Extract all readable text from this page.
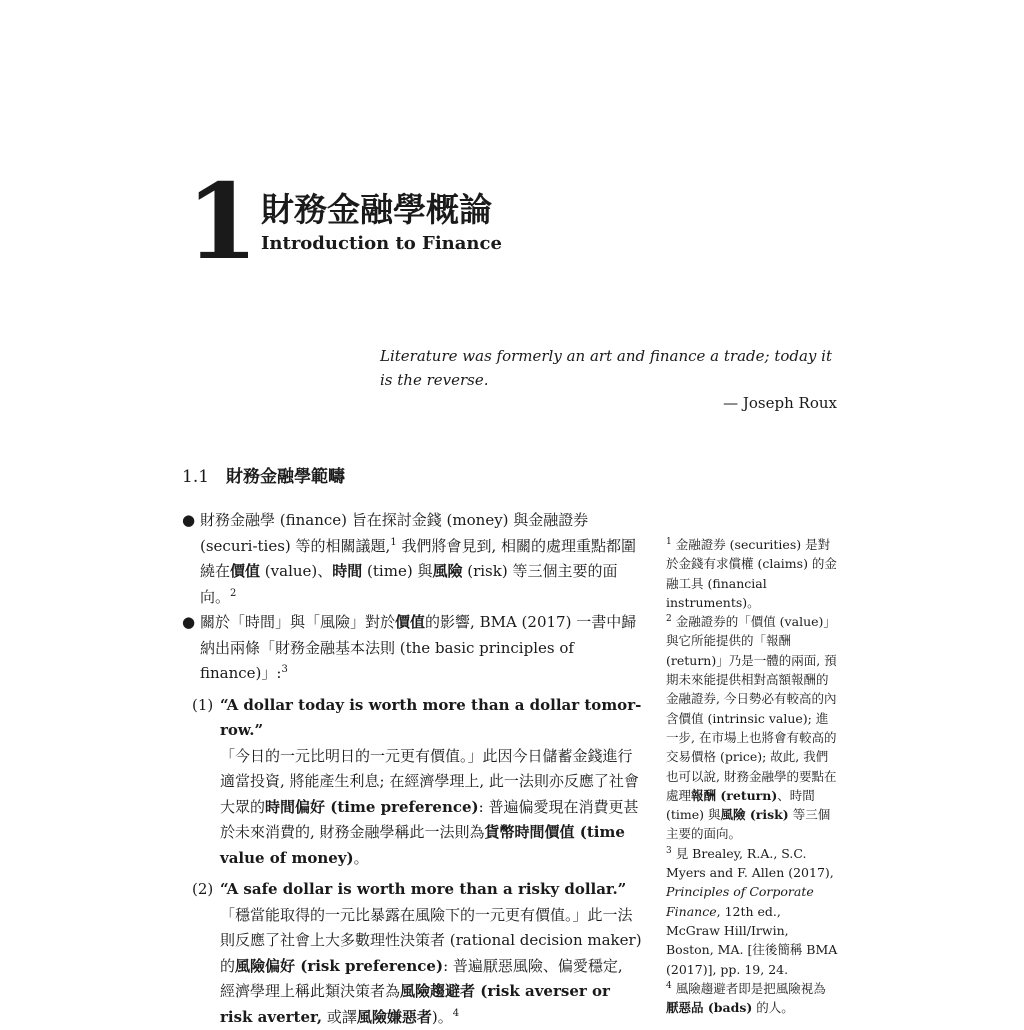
1 財務金融學概論
Introduction to Finance
Literature was formerly an art and finance a trade; today it is the reverse.
— Joseph Roux
1.1 財務金融學範疇
● 財務金融學 (finance) 旨在探討金錢 (money) 與金融證券 (securi-ties) 等的相關議題,$^1$ 我們將會見到, 相關的處理重點都圍繞在價值 (value)、時間 (time) 與風險 (risk) 等三個主要的面向。$^2$
● 關於「時間」與「風險」對於價值的影響, BMA (2017) 一書中歸納出兩條「財務金融基本法則 (the basic principles of finance)」:$^3$
(1) “A dollar today is worth more than a dollar tomor-row.”
「今日的一元比明日的一元更有價值。」此因今日儲蓄金錢進行適當投資, 將能產生利息; 在經濟學理上, 此一法則亦反應了社會大眾的時間偏好 (time preference): 普遍偏愛現在消費更甚於未來消費的, 財務金融學稱此一法則為貨幣時間價值 (time value of money)。
(2) “A safe dollar is worth more than a risky dollar.”
「穩當能取得的一元比暴露在風險下的一元更有價值。」此一法則反應了社會上大多數理性決策者 (rational decision maker) 的風險偏好 (risk preference): 普遍厭惡風險、偏愛穩定, 經濟學理上稱此類決策者為風險趨避者 (risk averser or risk averter, 或譯風險嫌惡者)。$^4$
$^1$ 金融證券 (securities) 是對於金錢有求償權 (claims) 的金融工具 (financial instruments)。
$^2$ 金融證券的「價值 (value)」與它所能提供的「報酬 (return)」乃是一體的兩面, 預期未來能提供相對高額報酬的金融證券, 今日勢必有較高的內含價值 (intrinsic value); 進一步, 在市場上也將會有較高的交易價格 (price); 故此, 我們也可以說, 財務金融學的要點在處理報酬 (return)、時間 (time) 與風險 (risk) 等三個主要的面向。
$^3$ 見 Brealey, R.A., S.C. Myers and F. Allen (2017), Principles of Corporate Finance, 12th ed., McGraw Hill/Irwin, Boston, MA. [往後簡稱 BMA (2017)], pp. 19, 24.
$^4$ 風險趨避者即是把風險視為厭惡品 (bads) 的人。
